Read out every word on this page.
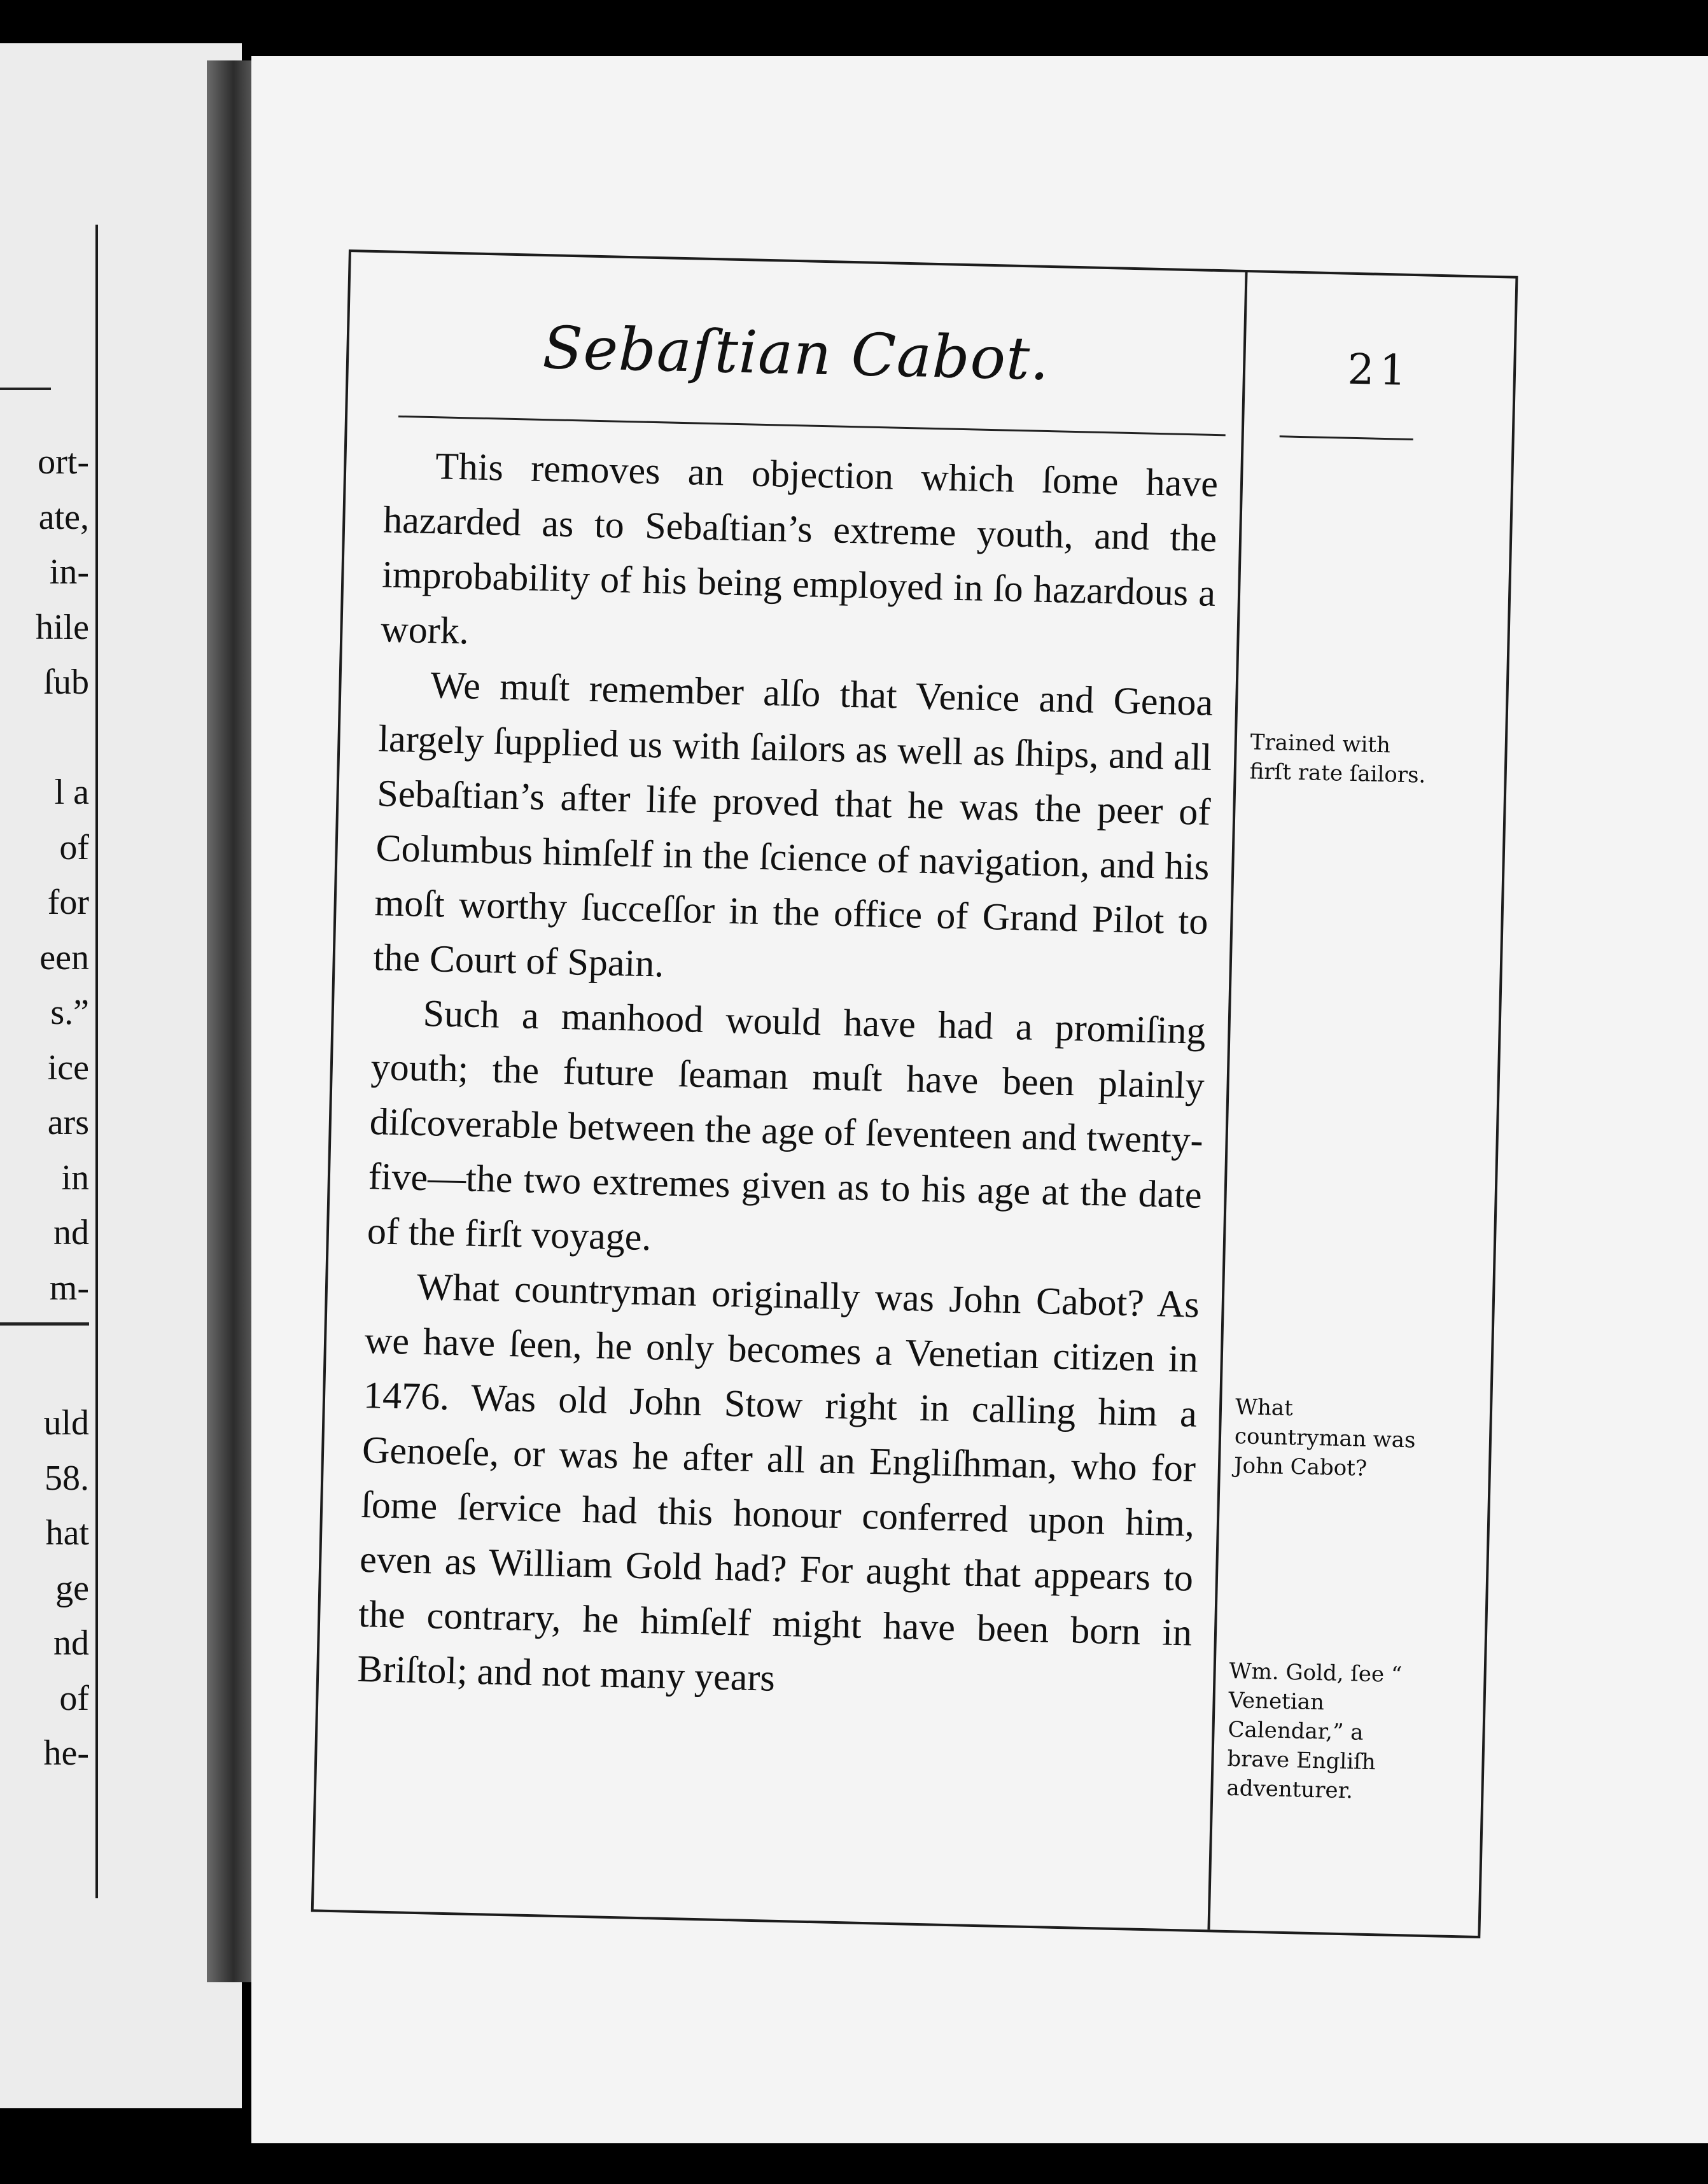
ort-
ate,
in-
hile
ſub

l a
of
for
een
s.”
ice
ars
in
nd
m-
uld
58.
hat
ge
nd
of
he-
Sebaſtian Cabot.	21

This removes an objection which ſome have hazarded as to Sebaſtian’s extreme youth, and the improbability of his being employed in ſo hazardous a work.

We muſt remember alſo that Venice and Genoa largely ſupplied us with ſailors as well as ſhips, and all Sebaſtian’s after life proved that he was the peer of Columbus himſelf in the ſcience of navigation, and his moſt worthy ſucceſſor in the office of Grand Pilot to the Court of Spain.

Such a manhood would have had a promiſing youth; the future ſeaman muſt have been plainly diſcoverable between the age of ſeventeen and twenty-five—the two extremes given as to his age at the date of the firſt voyage.

What countryman originally was John Cabot? As we have ſeen, he only becomes a Venetian citizen in 1476. Was old John Stow right in calling him a Genoeſe, or was he after all an Engliſhman, who for ſome ſervice had this honour conferred upon him, even as William Gold had? For aught that appears to the contrary, he himſelf might have been born in Briſtol; and not many years

Trained with firſt rate ſailors.
What countryman was John Cabot?
Wm. Gold, ſee “ Venetian Calendar,” a brave Engliſh adventurer.
